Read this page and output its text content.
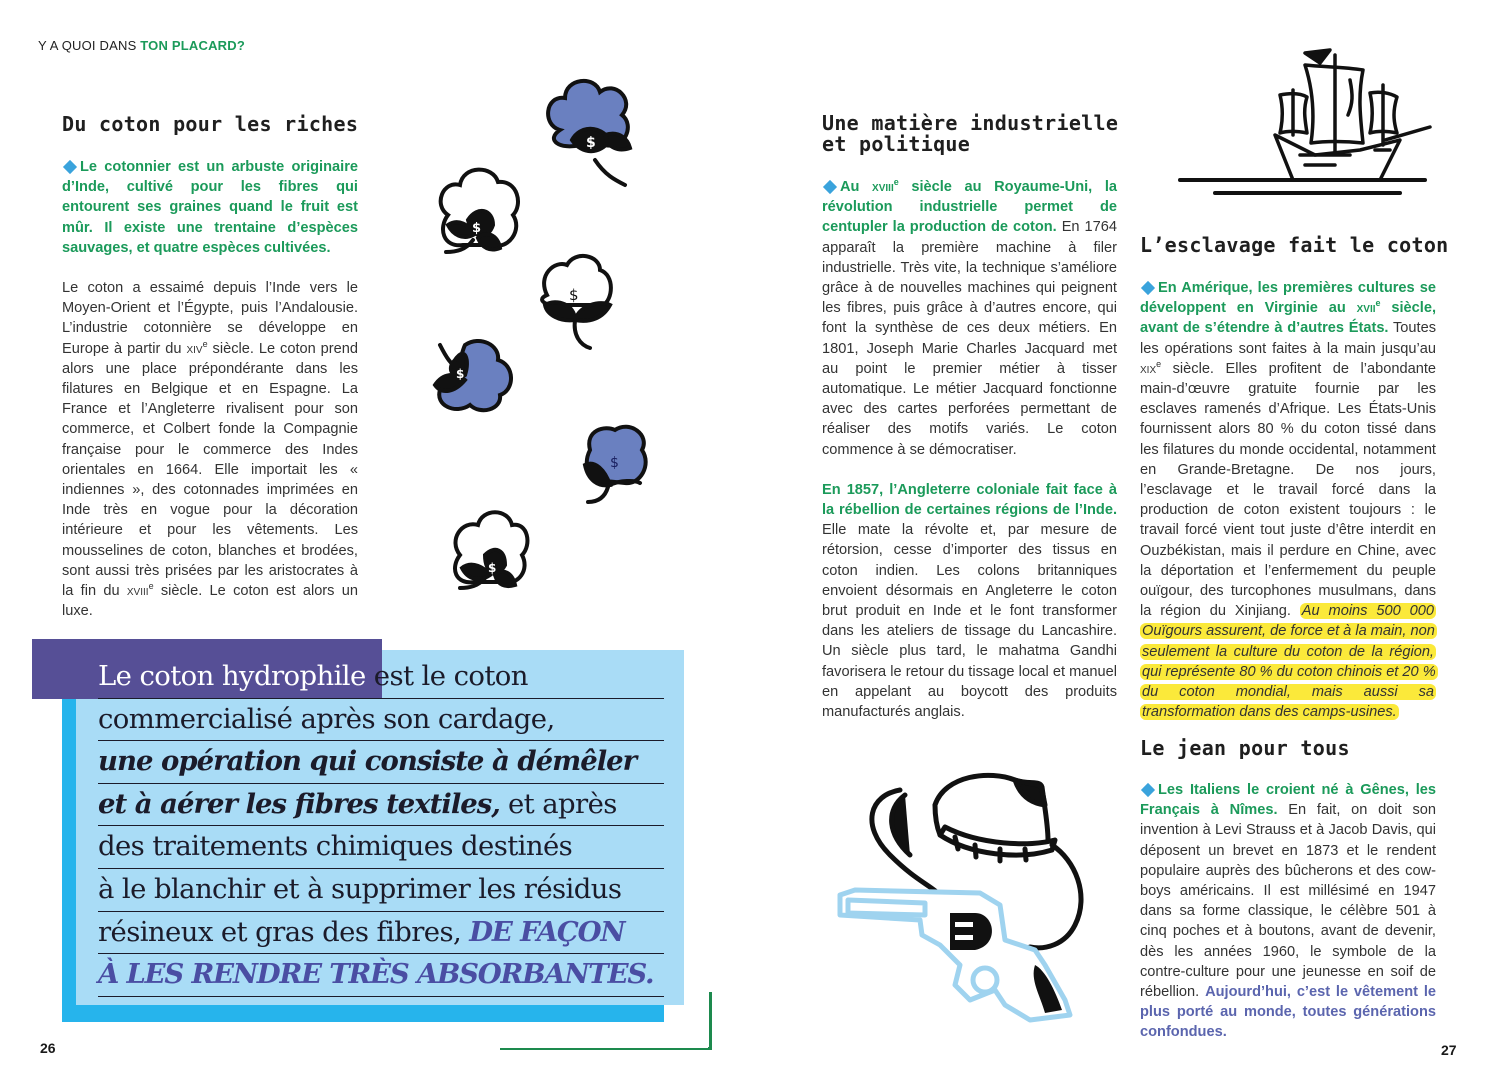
Y A QUOI DANS TON PLACARD?
Du coton pour les riches

Le cotonnier est un arbuste originaire d’Inde, cultivé pour les fibres qui entourent ses graines quand le fruit est mûr. Il existe une trentaine d’espèces sauvages, et quatre espèces cultivées.

Le coton a essaimé depuis l’Inde vers le Moyen-Orient et l’Égypte, puis l’Andalousie. L’industrie cotonnière se développe en Europe à partir du xiv$^e$ siècle. Le coton prend alors une place prépondérante dans les filatures en Belgique et en Espagne. La France et l’Angleterre rivalisent pour son commerce, et Colbert fonde la Compagnie française pour le commerce des Indes orientales en 1664. Elle importait les « indiennes », des cotonnades imprimées en Inde très en vogue pour la décoration intérieure et pour les vêtements. Les mousselines de coton, blanches et brodées, sont aussi très prisées par les aristocrates à la fin du xviii$^e$ siècle. Le coton est alors un luxe.

$
$
$
$
$
$
Le coton hydrophile est le coton
commercialisé après son cardage,
une opération qui consiste à démêler
et à aérer les fibres textiles, et après
des traitements chimiques destinés
à le blanchir et à supprimer les résidus
résineux et gras des fibres, DE FAÇON
À LES RENDRE TRÈS ABSORBANTES.
26
Une matière industrielle
et politique

Au xviii$^e$ siècle au Royaume-Uni, la révolution industrielle permet de centupler la production de coton. En 1764 apparaît la première machine à filer industrielle. Très vite, la technique s’améliore grâce à de nouvelles machines qui peignent les fibres, puis grâce à d’autres encore, qui font la synthèse de ces deux métiers. En 1801, Joseph Marie Charles Jacquard met au point le premier métier à tisser automatique. Le métier Jacquard fonctionne avec des cartes perforées permettant de réaliser des motifs variés. Le coton commence à se démocratiser.

En 1857, l’Angleterre coloniale fait face à la rébellion de certaines régions de l’Inde. Elle mate la révolte et, par mesure de rétorsion, cesse d’importer des tissus en coton indien. Les colons britanniques envoient désormais en Angleterre le coton brut produit en Inde et le font transformer dans les ateliers de tissage du Lancashire. Un siècle plus tard, le mahatma Gandhi favorisera le retour du tissage local et manuel en appelant au boycott des produits manufacturés anglais.

L’esclavage fait le coton

En Amérique, les premières cultures se développent en Virginie au xvii$^e$ siècle, avant de s’étendre à d’autres États. Toutes les opérations sont faites à la main jusqu’au xix$^e$ siècle. Elles profitent de l’abondante main-d’œuvre gratuite fournie par les esclaves ramenés d’Afrique. Les États-Unis fournissent alors 80 % du coton tissé dans les filatures du monde occidental, notamment en Grande-Bretagne. De nos jours, l’esclavage et le travail forcé dans la production de coton existent toujours : le travail forcé vient tout juste d’être interdit en Ouzbékistan, mais il perdure en Chine, avec la déportation et l’enfermement du peuple ouïgour, des turcophones musulmans, dans la région du Xinjiang. Au moins 500 000 Ouïgours assurent, de force et à la main, non seulement la culture du coton de la région, qui représente 80 % du coton chinois et 20 % du coton mondial, mais aussi sa transformation dans des camps-usines.

Le jean pour tous

Les Italiens le croient né à Gênes, les Français à Nîmes. En fait, on doit son invention à Levi Strauss et à Jacob Davis, qui déposent un brevet en 1873 et le rendent populaire auprès des bûcherons et des cow-boys américains. Il est millésimé en 1947 dans sa forme classique, le célèbre 501 à cinq poches et à boutons, avant de devenir, dès les années 1960, le symbole de la contre-culture pour une jeunesse en soif de rébellion. Aujourd’hui, c’est le vêtement le plus porté au monde, toutes générations confondues.

27
